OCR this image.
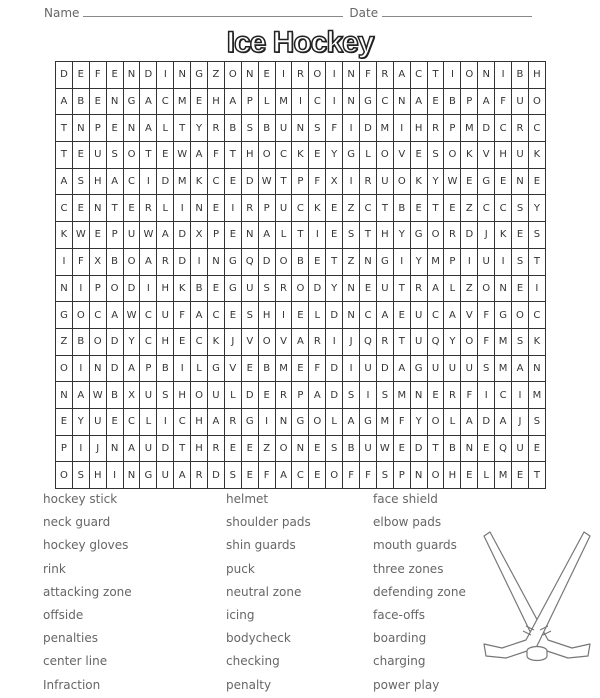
Name	Date
Ice Hockey
D	E	F	E	N	D	I	N	G	Z	O	N	E	I	R	O	I	N	F	R	A	C	T	I	O	N	I	B	H
A	B	E	N	G	A	C	M	E	H	A	P	L	M	I	C	I	N	G	C	N	A	E	B	P	A	F	U	O
T	N	P	E	N	A	L	T	Y	R	B	S	B	U	N	S	F	I	D	M	I	H	R	P	M	D	C	R	C
T	E	U	S	O	T	E	W	A	F	T	H	O	C	K	E	Y	G	L	O	V	E	S	O	K	V	H	U	K
A	S	H	A	C	I	D	M	K	C	E	D	W	T	P	F	X	I	R	U	O	K	Y	W	E	G	E	N	E
C	E	N	T	E	R	L	I	N	E	I	R	P	U	C	K	E	Z	C	T	B	E	T	E	Z	C	C	S	Y
K	W	E	P	U	W	A	D	X	P	E	N	A	L	T	I	E	S	T	H	Y	G	O	R	D	J	K	E	S
I	F	X	B	O	A	R	D	I	N	G	Q	D	O	B	E	T	Z	N	G	I	Y	M	P	I	U	I	S	T
N	I	P	O	D	I	H	K	B	E	G	U	S	R	O	D	Y	N	E	U	T	R	A	L	Z	O	N	E	I
G	O	C	A	W	C	U	F	A	C	E	S	H	I	E	L	D	N	C	A	E	U	C	A	V	F	G	O	C
Z	B	O	D	Y	C	H	E	C	K	J	V	O	V	A	R	I	J	Q	R	T	U	Q	Y	O	F	M	S	K
O	I	N	D	A	P	B	I	L	G	V	E	B	M	E	F	D	I	U	D	A	G	U	U	U	S	M	A	N
N	A	W	B	X	U	S	H	O	U	L	D	E	R	P	A	D	S	I	S	M	N	E	R	F	I	C	I	M
E	Y	U	E	C	L	I	C	H	A	R	G	I	N	G	O	L	A	G	M	F	Y	O	L	A	D	A	J	S
P	I	J	N	A	U	D	T	H	R	E	E	Z	O	N	E	S	B	U	W	E	D	T	B	N	E	Q	U	E
O	S	H	I	N	G	U	A	R	D	S	E	F	A	C	E	O	F	F	S	P	N	O	H	E	L	M	E	T
hockey stick
neck guard
hockey gloves
rink
attacking zone
offside
penalties
center line
Infraction
helmet
shoulder pads
shin guards
puck
neutral zone
icing
bodycheck
checking
penalty
face shield
elbow pads
mouth guards
three zones
defending zone
face-offs
boarding
charging
power play
